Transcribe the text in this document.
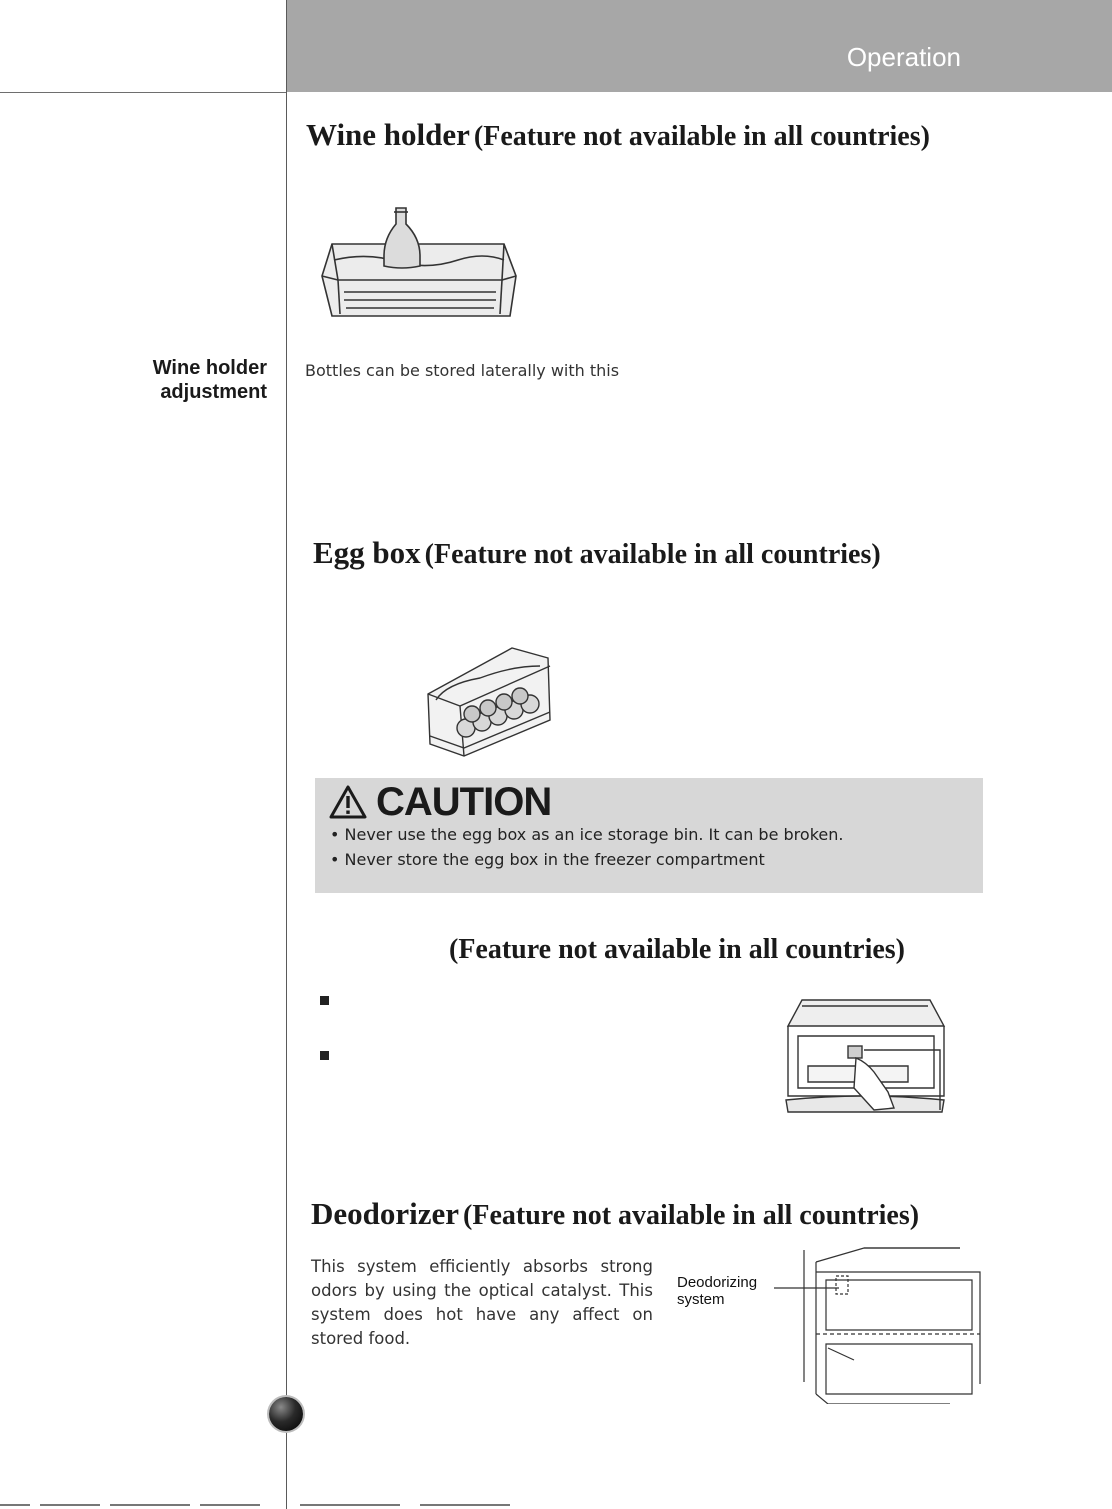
Operation
Wine holder (Feature not available in all countries)
Wine holder
adjustment
Bottles can be stored laterally with this
Egg box (Feature not available in all countries)
CAUTION
• Never use the egg box as an ice storage bin. It can be broken.
• Never store the egg box in the freezer compartment
(Feature not available in all countries)
Deodorizer (Feature not available in all countries)
This system efficiently absorbs strong odors by using the optical catalyst. This system does hot have any affect on stored food.
Deodorizing
system
